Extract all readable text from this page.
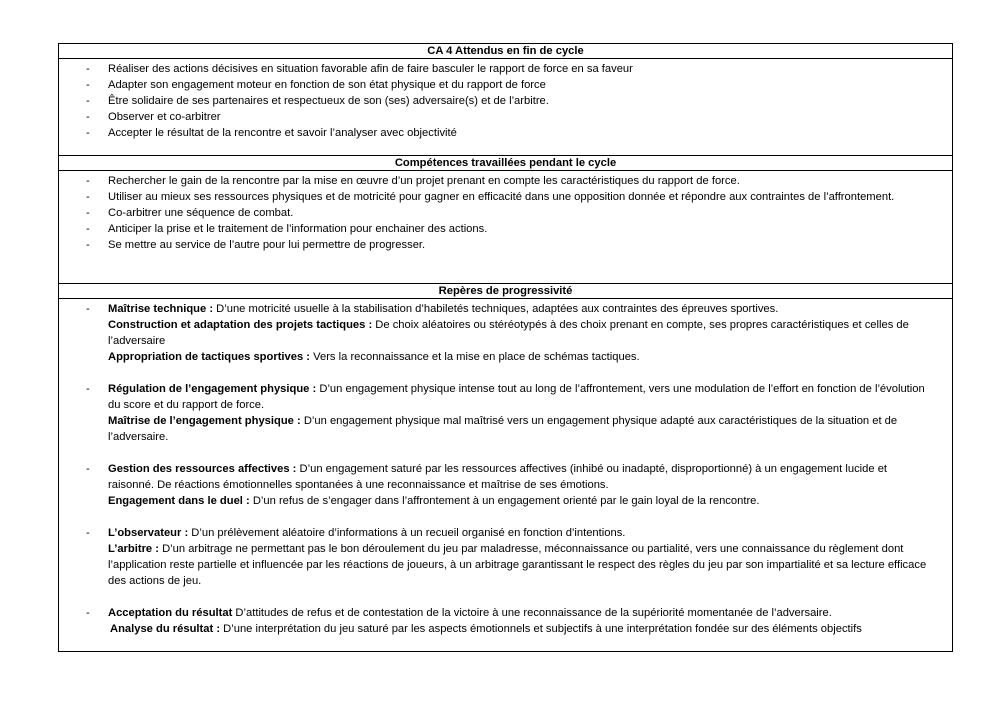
CA 4 Attendus en fin de cycle
-	Réaliser des actions décisives en situation favorable afin de faire basculer le rapport de force en sa faveur
-	Adapter son engagement moteur en fonction de son état physique et du rapport de force
-	Être solidaire de ses partenaires et respectueux de son (ses) adversaire(s) et de l’arbitre.
-	Observer et co-arbitrer
-	Accepter le résultat de la rencontre et savoir l’analyser avec objectivité
Compétences travaillées pendant le cycle
-	Rechercher le gain de la rencontre par la mise en œuvre d’un projet prenant en compte les caractéristiques du rapport de force.
-	Utiliser au mieux ses ressources physiques et de motricité pour gagner en efficacité dans une opposition donnée et répondre aux contraintes de l’affrontement.
-	Co-arbitrer une séquence de combat.
-	Anticiper la prise et le traitement de l’information pour enchainer des actions.
-	Se mettre au service de l’autre pour lui permettre de progresser.
Repères de progressivité
-	Maîtrise technique : D’une motricité usuelle à la stabilisation d’habiletés techniques, adaptées aux contraintes des épreuves sportives.
Construction et adaptation des projets tactiques : De choix aléatoires ou stéréotypés à des choix prenant en compte, ses propres caractéristiques et celles de l’adversaire
Appropriation de tactiques sportives : Vers la reconnaissance et la mise en place de schémas tactiques.
-	Régulation de l’engagement physique : D’un engagement physique intense tout au long de l’affrontement, vers une modulation de l’effort en fonction de l’évolution du score et du rapport de force.
Maîtrise de l’engagement physique : D’un engagement physique mal maîtrisé vers un engagement physique adapté aux caractéristiques de la situation et de l’adversaire.
-	Gestion des ressources affectives : D’un engagement saturé par les ressources affectives (inhibé ou inadapté, disproportionné) à un engagement lucide et raisonné. De réactions émotionnelles spontanées à une reconnaissance et maîtrise de ses émotions.
Engagement dans le duel : D’un refus de s’engager dans l’affrontement à un engagement orienté par le gain loyal de la rencontre.
-	L’observateur : D’un prélèvement aléatoire d’informations à un recueil organisé en fonction d’intentions.
L’arbitre : D’un arbitrage ne permettant pas le bon déroulement du jeu par maladresse, méconnaissance ou partialité, vers une connaissance du règlement dont l’application reste partielle et influencée par les réactions de joueurs, à un arbitrage garantissant le respect des règles du jeu par son impartialité et sa lecture efficace des actions de jeu.
-	Acceptation du résultat D’attitudes de refus et de contestation de la victoire à une reconnaissance de la supériorité momentanée de l’adversaire.
Analyse du résultat : D’une interprétation du jeu saturé par les aspects émotionnels et subjectifs à une interprétation fondée sur des éléments objectifs
